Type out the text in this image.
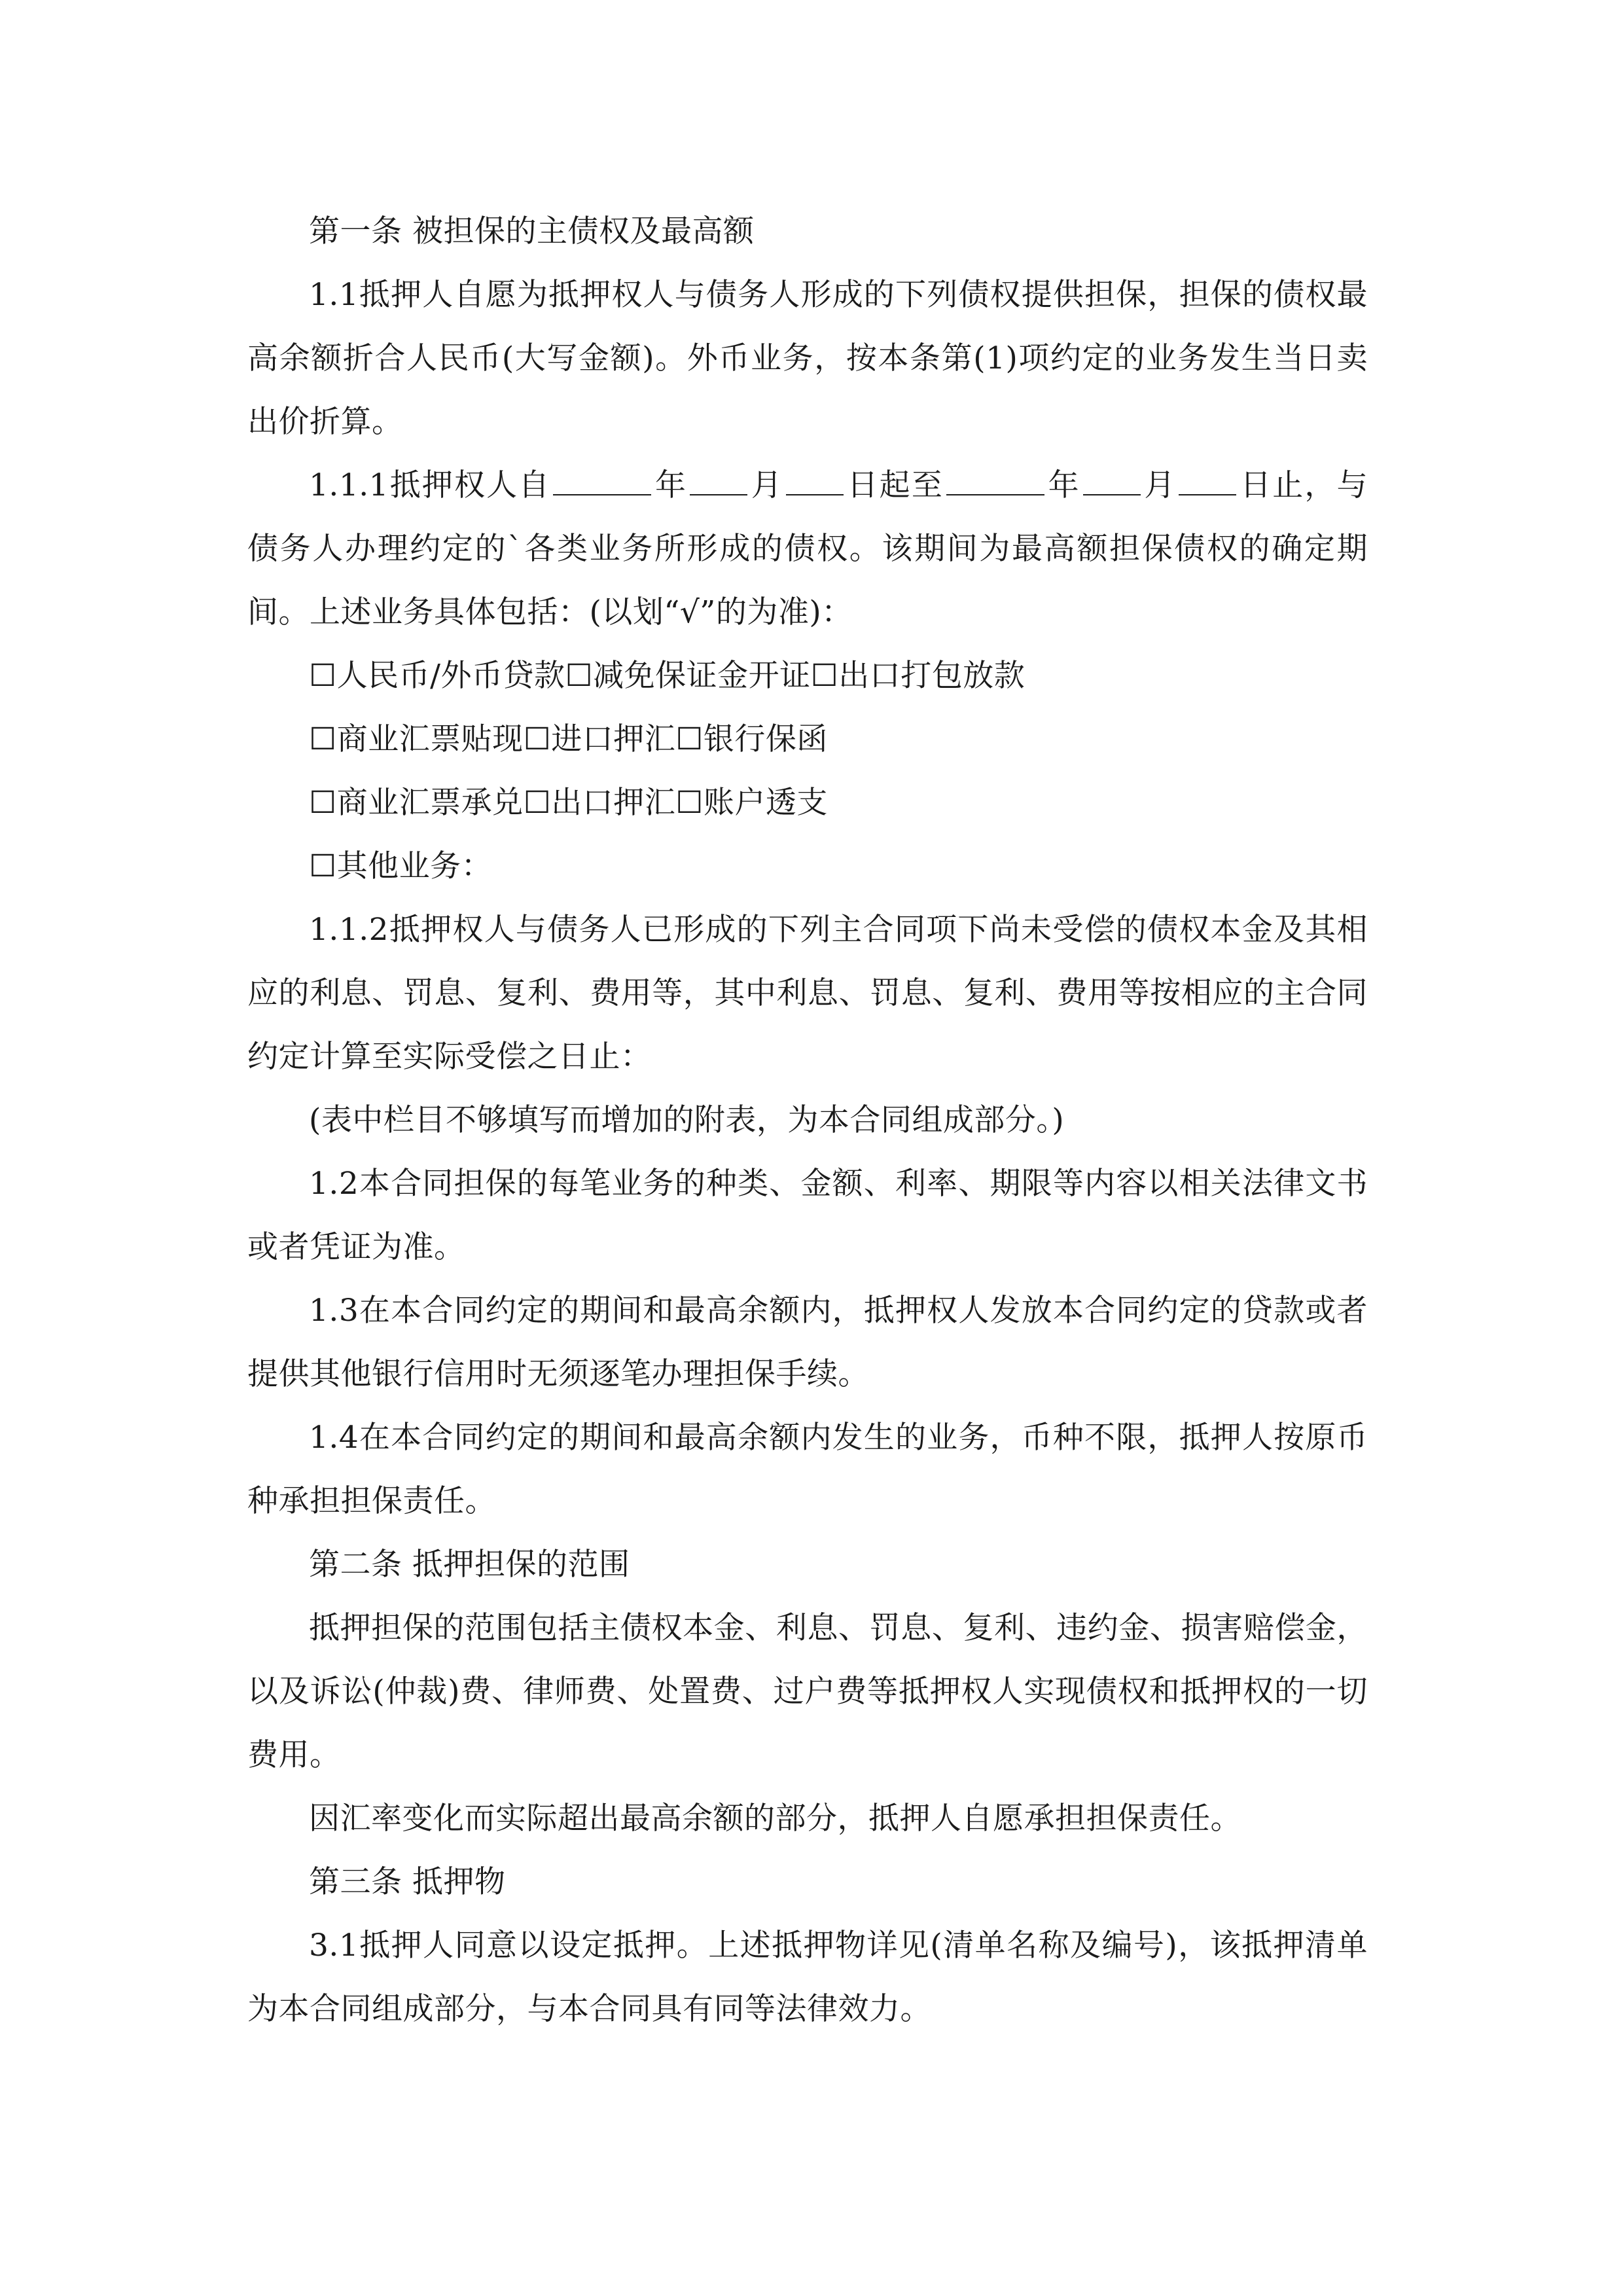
第一条 被担保的主债权及最高额

1.1抵押人自愿为抵押权人与债务人形成的下列债权提供担保，担保的债权最高余额折合人民币(大写金额)。外币业务，按本条第(1)项约定的业务发生当日卖出价折算。

1.1.1抵押权人自	年 月 日起至	年 月 日止，与债务人办理约定的`各类业务所形成的债权。该期间为最高额担保债权的确定期间。上述业务具体包括：(以划“√”的为准)：

☐人民币/外币贷款☐减免保证金开证☐出口打包放款

☐商业汇票贴现☐进口押汇☐银行保函

☐商业汇票承兑☐出口押汇☐账户透支

☐其他业务：

1.1.2抵押权人与债务人已形成的下列主合同项下尚未受偿的债权本金及其相应的利息、罚息、复利、费用等，其中利息、罚息、复利、费用等按相应的主合同约定计算至实际受偿之日止：

(表中栏目不够填写而增加的附表，为本合同组成部分。)

1.2本合同担保的每笔业务的种类、金额、利率、期限等内容以相关法律文书或者凭证为准。

1.3在本合同约定的期间和最高余额内，抵押权人发放本合同约定的贷款或者提供其他银行信用时无须逐笔办理担保手续。

1.4在本合同约定的期间和最高余额内发生的业务，币种不限，抵押人按原币种承担担保责任。

第二条 抵押担保的范围

抵押担保的范围包括主债权本金、利息、罚息、复利、违约金、损害赔偿金，以及诉讼(仲裁)费、律师费、处置费、过户费等抵押权人实现债权和抵押权的一切费用。

因汇率变化而实际超出最高余额的部分，抵押人自愿承担担保责任。

第三条 抵押物

3.1抵押人同意以设定抵押。上述抵押物详见(清单名称及编号)，该抵押清单为本合同组成部分，与本合同具有同等法律效力。
